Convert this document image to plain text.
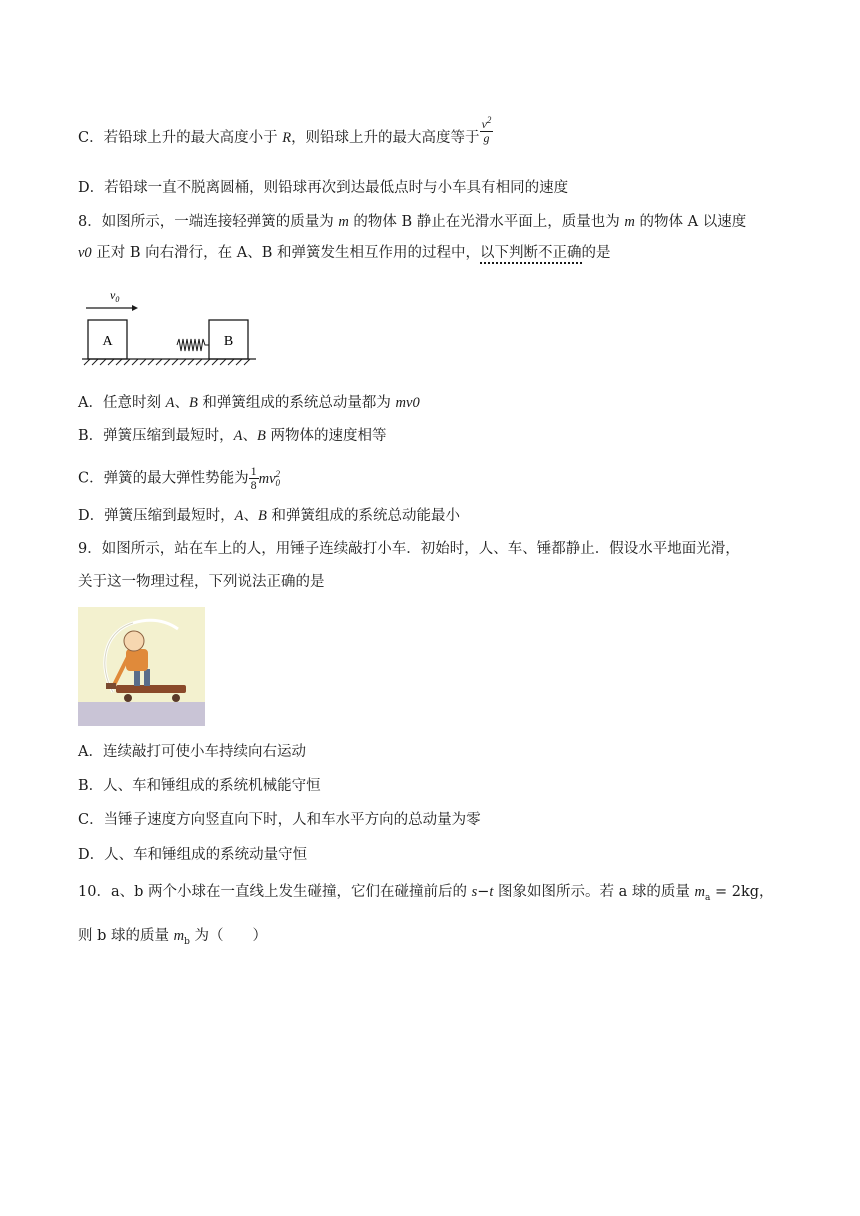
C．若铅球上升的最大高度小于 R，则铅球上升的最大高度等于 $\frac{v^2}{g}$
D．若铅球一直不脱离圆桶，则铅球再次到达最低点时与小车具有相同的速度
8．如图所示，一端连接轻弹簧的质量为 m 的物体 B 静止在光滑水平面上，质量也为 m 的物体 A 以速度
v0 正对 B 向右滑行，在 A、B 和弹簧发生相互作用的过程中，以下判断不正确的是
$v_0$
A	B
A．任意时刻 A、B 和弹簧组成的系统总动量都为 mv0
B．弹簧压缩到最短时，A、B 两物体的速度相等
C．弹簧的最大弹性势能为 $\frac{1}{8}$ mv 2
0
D．弹簧压缩到最短时，A、B 和弹簧组成的系统总动能最小
9．如图所示，站在车上的人，用锤子连续敲打小车．初始时，人、车、锤都静止．假设水平地面光滑，
关于这一物理过程，下列说法正确的是
A．连续敲打可使小车持续向右运动
B．人、车和锤组成的系统机械能守恒
C．当锤子速度方向竖直向下时，人和车水平方向的总动量为零
D．人、车和锤组成的系统动量守恒
10．a、b 两个小球在一直线上发生碰撞，它们在碰撞前后的 s−t 图象如图所示。若 a 球的质量 $m_a = 2kg$，
则 b 球的质量 $m_b$ 为（　　）
